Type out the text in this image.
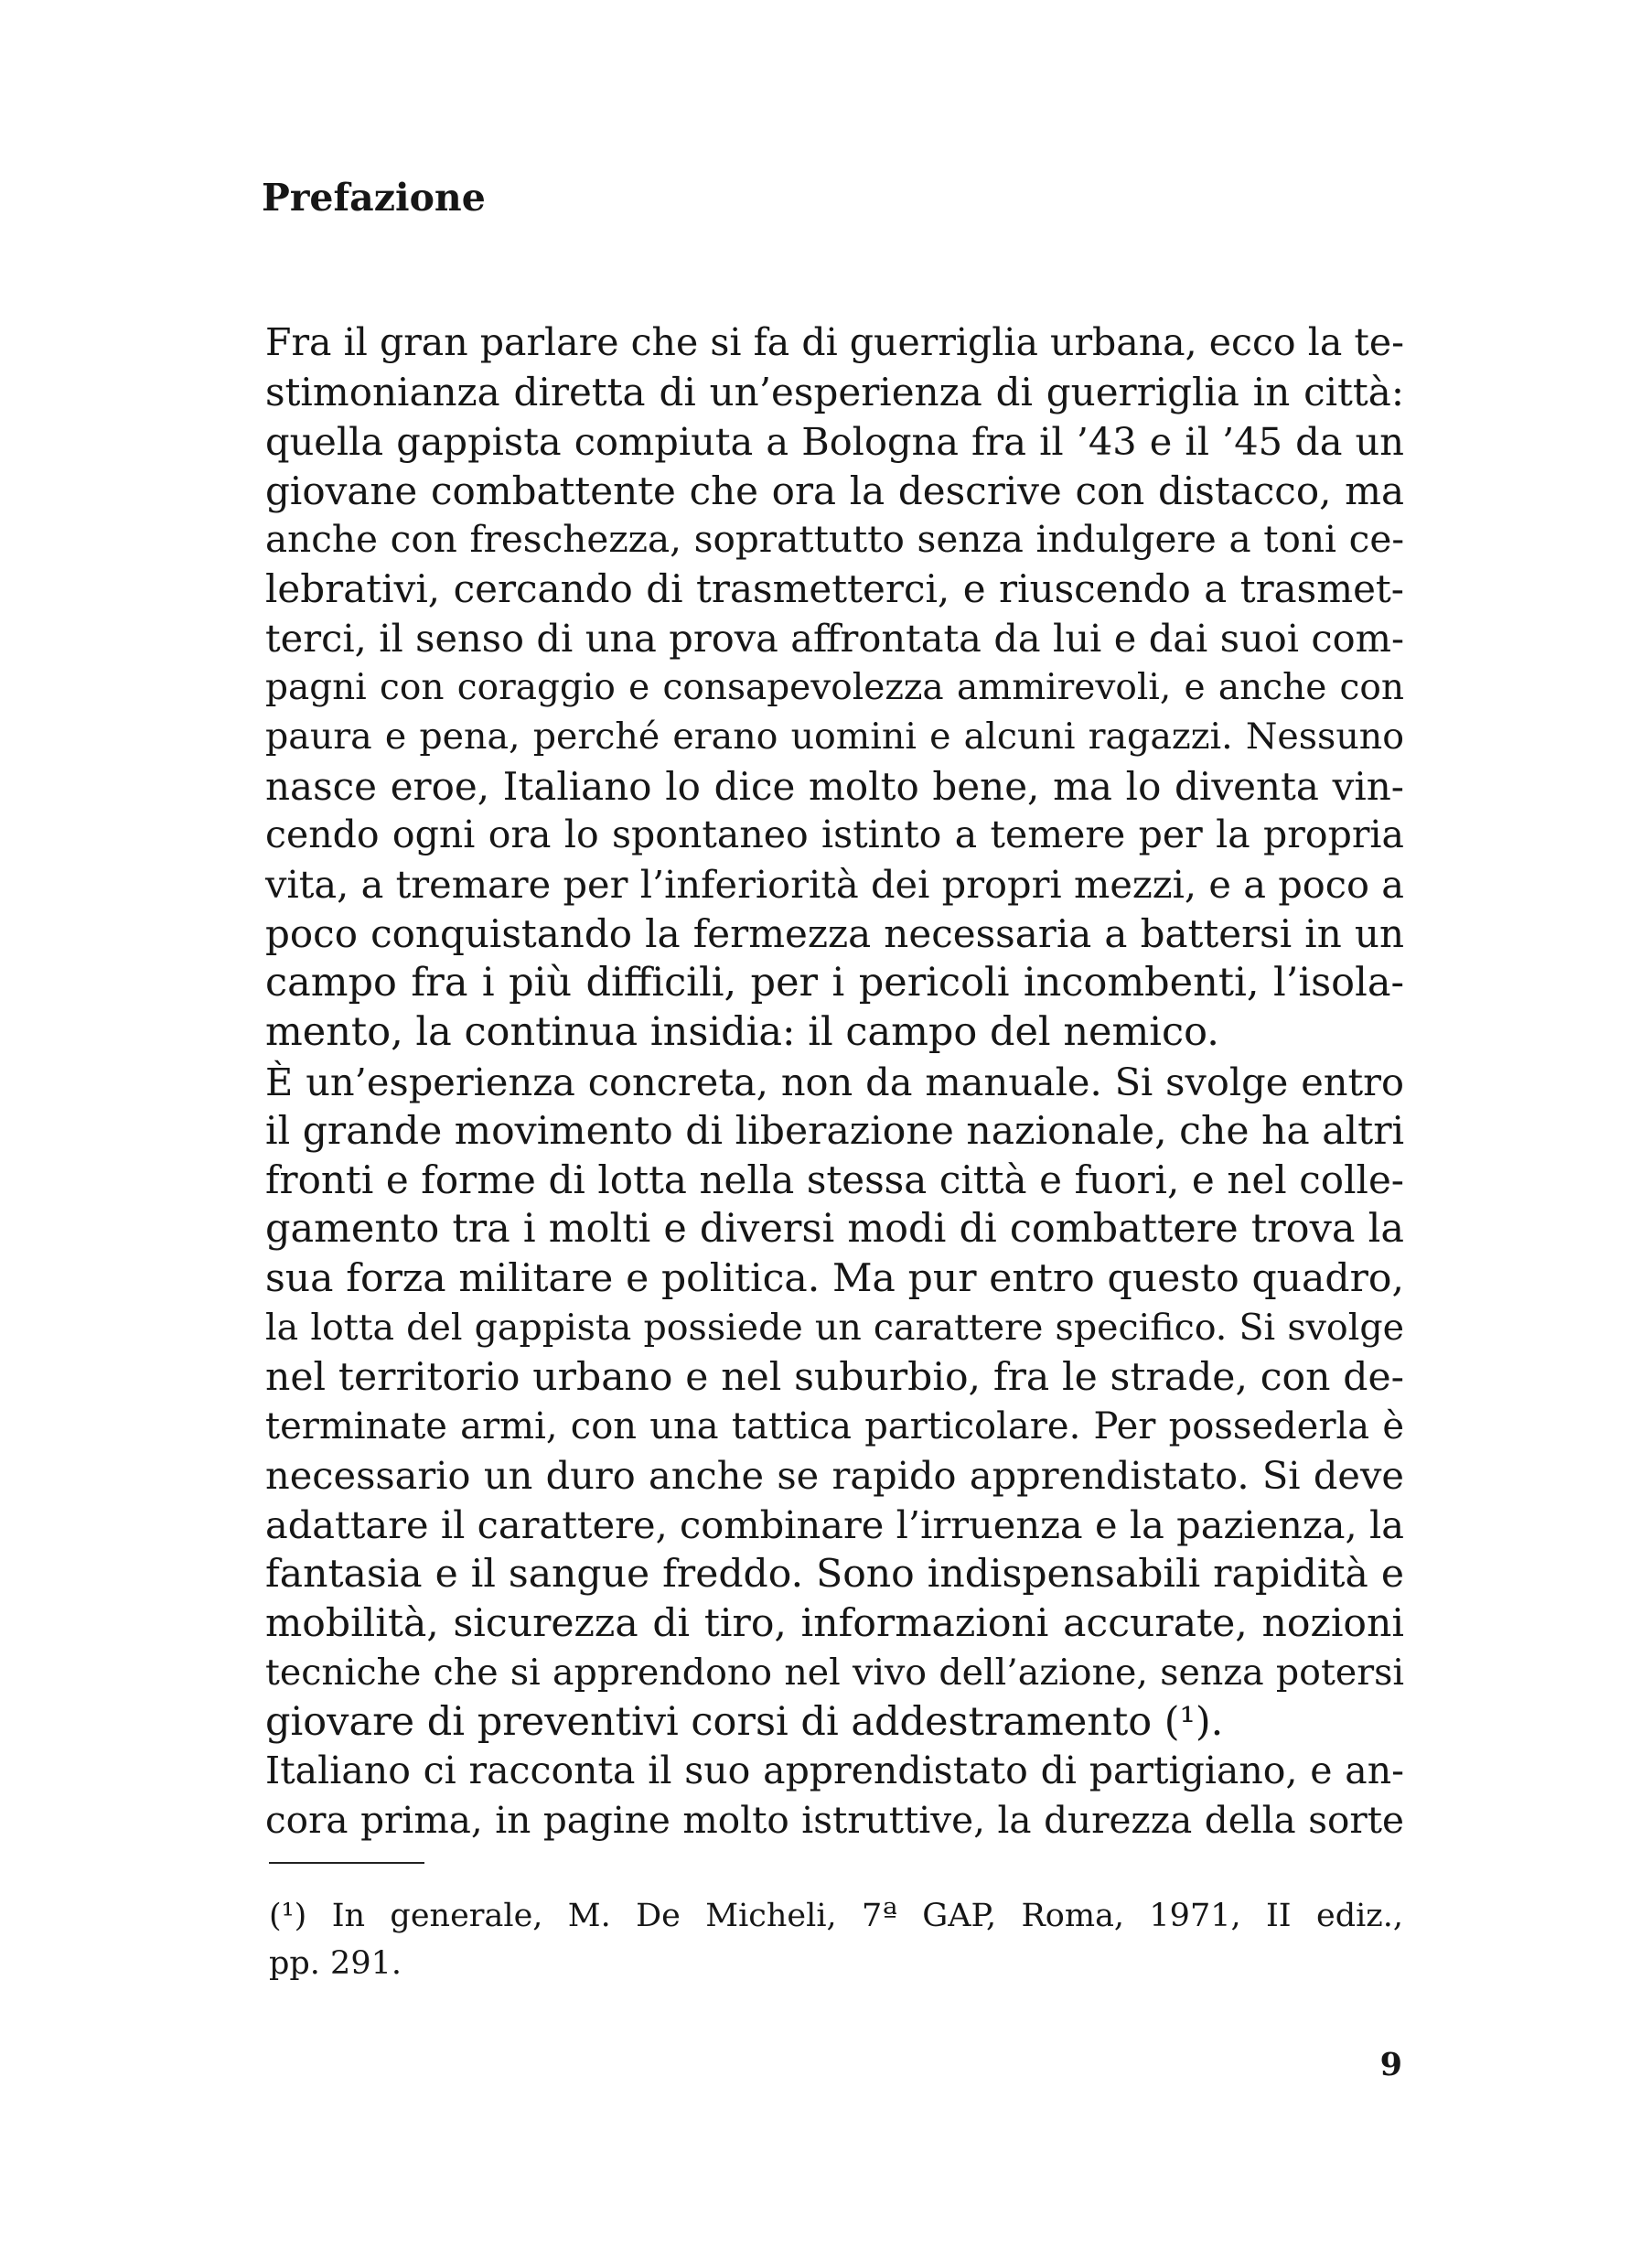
Prefazione
Fra il gran parlare che si fa di guerriglia urbana, ecco la te-
stimonianza diretta di un’esperienza di guerriglia in città:
quella gappista compiuta a Bologna fra il ’43 e il ’45 da un
giovane combattente che ora la descrive con distacco, ma
anche con freschezza, soprattutto senza indulgere a toni ce-
lebrativi, cercando di trasmetterci, e riuscendo a trasmet-
terci, il senso di una prova affrontata da lui e dai suoi com-
pagni con coraggio e consapevolezza ammirevoli, e anche con
paura e pena, perché erano uomini e alcuni ragazzi. Nessuno
nasce eroe, Italiano lo dice molto bene, ma lo diventa vin-
cendo ogni ora lo spontaneo istinto a temere per la propria
vita, a tremare per l’inferiorità dei propri mezzi, e a poco a
poco conquistando la fermezza necessaria a battersi in un
campo fra i più difficili, per i pericoli incombenti, l’isola-
mento, la continua insidia: il campo del nemico.
È un’esperienza concreta, non da manuale. Si svolge entro
il grande movimento di liberazione nazionale, che ha altri
fronti e forme di lotta nella stessa città e fuori, e nel colle-
gamento tra i molti e diversi modi di combattere trova la
sua forza militare e politica. Ma pur entro questo quadro,
la lotta del gappista possiede un carattere specifico. Si svolge
nel territorio urbano e nel suburbio, fra le strade, con de-
terminate armi, con una tattica particolare. Per possederla è
necessario un duro anche se rapido apprendistato. Si deve
adattare il carattere, combinare l’irruenza e la pazienza, la
fantasia e il sangue freddo. Sono indispensabili rapidità e
mobilità, sicurezza di tiro, informazioni accurate, nozioni
tecniche che si apprendono nel vivo dell’azione, senza potersi
giovare di preventivi corsi di addestramento (¹).
Italiano ci racconta il suo apprendistato di partigiano, e an-
cora prima, in pagine molto istruttive, la durezza della sorte
(¹) In generale, M. De Micheli, 7ª GAP, Roma, 1971, II ediz.,
pp. 291.
9
